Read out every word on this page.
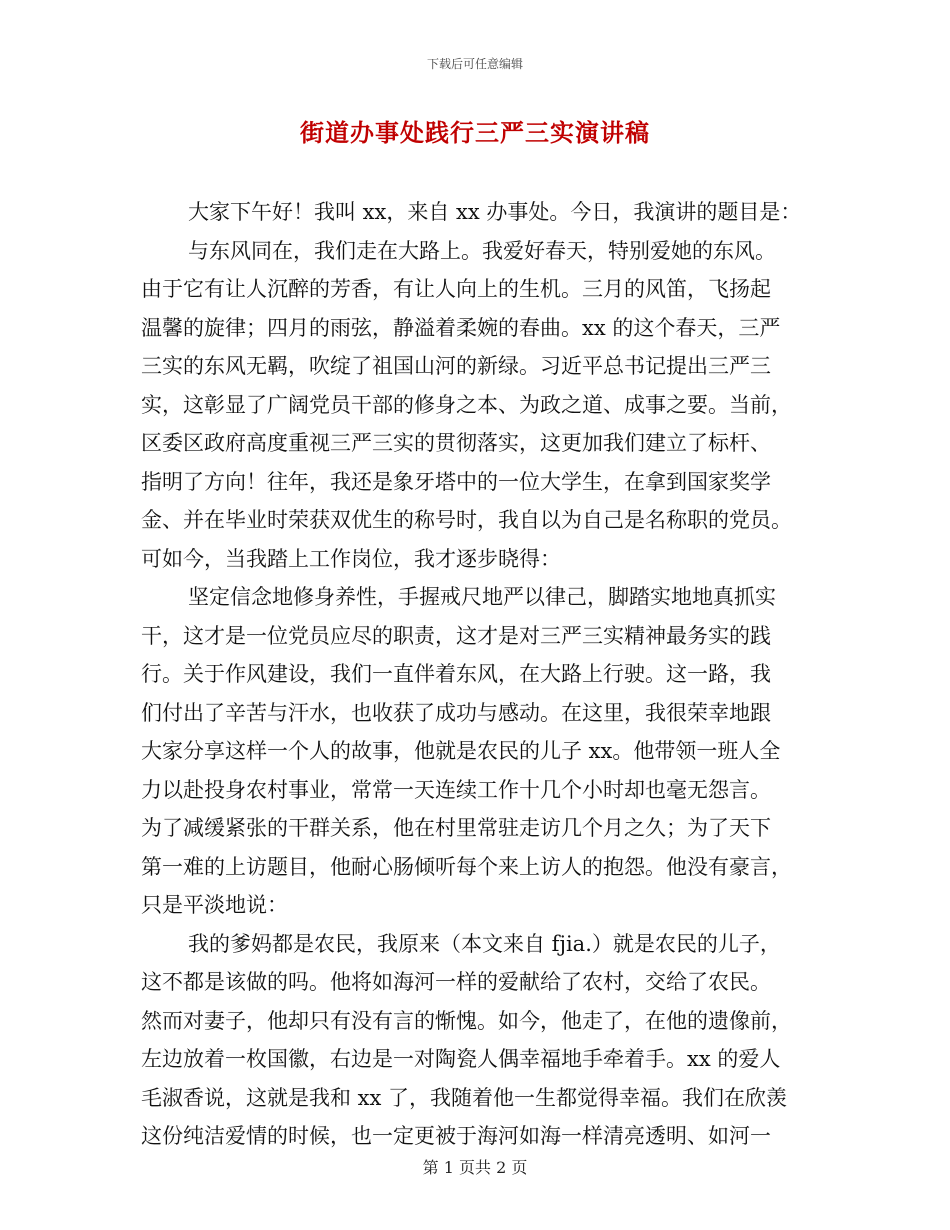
下载后可任意编辑
街道办事处践行三严三实演讲稿
大家下午好！我叫 xx，来自 xx 办事处。今日，我演讲的题目是：
与东风同在，我们走在大路上。我爱好春天，特别爱她的东风。
由于它有让人沉醉的芳香，有让人向上的生机。三月的风笛，飞扬起
温馨的旋律；四月的雨弦，静溢着柔婉的春曲。xx 的这个春天，三严
三实的东风无羁，吹绽了祖国山河的新绿。习近平总书记提出三严三
实，这彰显了广阔党员干部的修身之本、为政之道、成事之要。当前，
区委区政府高度重视三严三实的贯彻落实，这更加我们建立了标杆、
指明了方向！往年，我还是象牙塔中的一位大学生，在拿到国家奖学
金、并在毕业时荣获双优生的称号时，我自以为自己是名称职的党员。
可如今，当我踏上工作岗位，我才逐步晓得：
坚定信念地修身养性，手握戒尺地严以律己，脚踏实地地真抓实
干，这才是一位党员应尽的职责，这才是对三严三实精神最务实的践
行。关于作风建设，我们一直伴着东风，在大路上行驶。这一路，我
们付出了辛苦与汗水，也收获了成功与感动。在这里，我很荣幸地跟
大家分享这样一个人的故事，他就是农民的儿子 xx。他带领一班人全
力以赴投身农村事业，常常一天连续工作十几个小时却也毫无怨言。
为了减缓紧张的干群关系，他在村里常驻走访几个月之久；为了天下
第一难的上访题目，他耐心肠倾听每个来上访人的抱怨。他没有豪言，
只是平淡地说：
我的爹妈都是农民，我原来（本文来自 fjia.）就是农民的儿子，
这不都是该做的吗。他将如海河一样的爱献给了农村，交给了农民。
然而对妻子，他却只有没有言的惭愧。如今，他走了，在他的遗像前，
左边放着一枚国徽，右边是一对陶瓷人偶幸福地手牵着手。xx 的爱人
毛淑香说，这就是我和 xx 了，我随着他一生都觉得幸福。我们在欣羡
这份纯洁爱情的时候，也一定更被于海河如海一样清亮透明、如河一
第 1 页共 2 页
